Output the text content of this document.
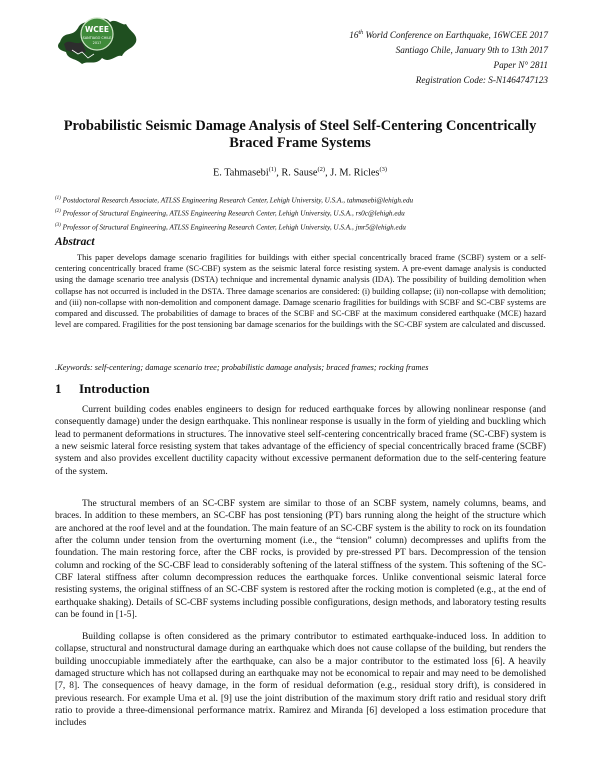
WCEE
SANTIAGO CHILE
2017
16th World Conference on Earthquake, 16WCEE 2017
Santiago Chile, January 9th to 13th 2017
Paper N° 2811
Registration Code: S-N1464747123
Probabilistic Seismic Damage Analysis of Steel Self-Centering Concentrically
Braced Frame Systems
E. Tahmasebi$^{(1)}$, R. Sause$^{(2)}$, J. M. Ricles$^{(3)}$
$^{(1)}$ Postdoctoral Research Associate, ATLSS Engineering Research Center, Lehigh University, U.S.A., tahmasebi@lehigh.edu
$^{(2)}$ Professor of Structural Engineering, ATLSS Engineering Research Center, Lehigh University, U.S.A., rs0c@lehigh.edu
$^{(3)}$ Professor of Structural Engineering, ATLSS Engineering Research Center, Lehigh University, U.S.A., jmr5@lehigh.edu
Abstract
This paper develops damage scenario fragilities for buildings with either special concentrically braced frame (SCBF) system or a self-centering concentrically braced frame (SC-CBF) system as the seismic lateral force resisting system. A pre-event damage analysis is conducted using the damage scenario tree analysis (DSTA) technique and incremental dynamic analysis (IDA). The possibility of building demolition when collapse has not occurred is included in the DSTA. Three damage scenarios are considered: (i) building collapse; (ii) non-collapse with demolition; and (iii) non-collapse with non-demolition and component damage. Damage scenario fragilities for buildings with SCBF and SC-CBF systems are compared and discussed. The probabilities of damage to braces of the SCBF and SC-CBF at the maximum considered earthquake (MCE) hazard level are compared. Fragilities for the post tensioning bar damage scenarios for the buildings with the SC-CBF system are calculated and discussed.
.Keywords: self-centering; damage scenario tree; probabilistic damage analysis; braced frames; rocking frames
1 Introduction
Current building codes enables engineers to design for reduced earthquake forces by allowing nonlinear response (and consequently damage) under the design earthquake. This nonlinear response is usually in the form of yielding and buckling which lead to permanent deformations in structures. The innovative steel self-centering concentrically braced frame (SC-CBF) system is a new seismic lateral force resisting system that takes advantage of the efficiency of special concentrically braced frame (SCBF) system and also provides excellent ductility capacity without excessive permanent deformation due to the self-centering feature of the system.
The structural members of an SC-CBF system are similar to those of an SCBF system, namely columns, beams, and braces. In addition to these members, an SC-CBF has post tensioning (PT) bars running along the height of the structure which are anchored at the roof level and at the foundation. The main feature of an SC-CBF system is the ability to rock on its foundation after the column under tension from the overturning moment (i.e., the “tension” column) decompresses and uplifts from the foundation. The main restoring force, after the CBF rocks, is provided by pre-stressed PT bars. Decompression of the tension column and rocking of the SC-CBF lead to considerably softening of the lateral stiffness of the system. This softening of the SC-CBF lateral stiffness after column decompression reduces the earthquake forces. Unlike conventional seismic lateral force resisting systems, the original stiffness of an SC-CBF system is restored after the rocking motion is completed (e.g., at the end of earthquake shaking). Details of SC-CBF systems including possible configurations, design methods, and laboratory testing results can be found in [1-5].
Building collapse is often considered as the primary contributor to estimated earthquake-induced loss. In addition to collapse, structural and nonstructural damage during an earthquake which does not cause collapse of the building, but renders the building unoccupiable immediately after the earthquake, can also be a major contributor to the estimated loss [6]. A heavily damaged structure which has not collapsed during an earthquake may not be economical to repair and may need to be demolished [7, 8]. The consequences of heavy damage, in the form of residual deformation (e.g., residual story drift), is considered in previous research. For example Uma et al. [9] use the joint distribution of the maximum story drift ratio and residual story drift ratio to provide a three-dimensional performance matrix. Ramirez and Miranda [6] developed a loss estimation procedure that includes
